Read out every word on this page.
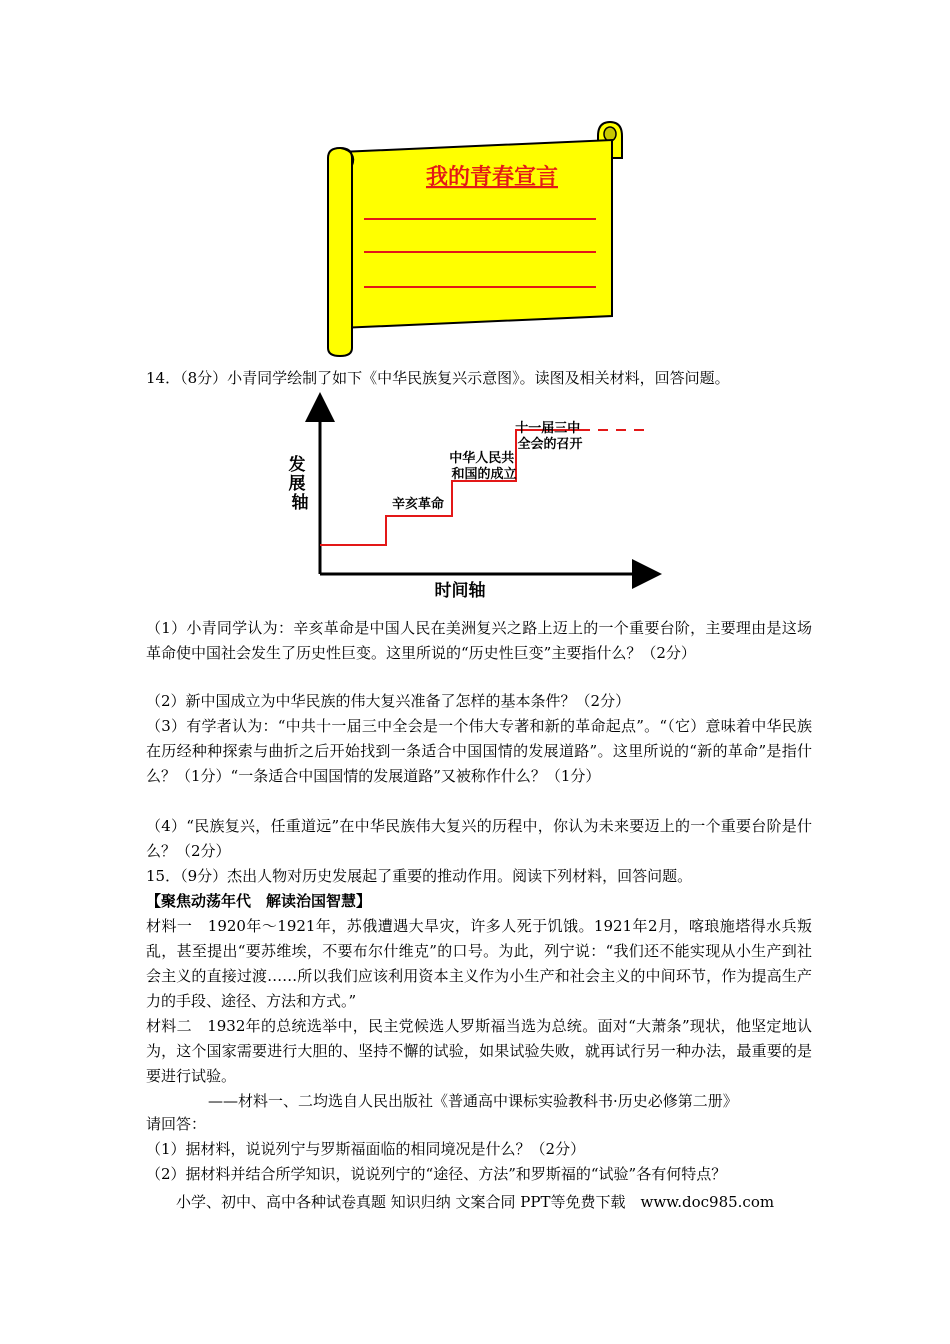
我的青春宣言
14．（8分）小青同学绘制了如下《中华民族复兴示意图》。读图及相关材料，回答问题。
发 展 轴
时间轴
辛亥革命
中华人民共 和国的成立
十一届三中 全会的召开
（1）小青同学认为：辛亥革命是中国人民在美洲复兴之路上迈上的一个重要台阶，主要理由是这场革命使中国社会发生了历史性巨变。这里所说的“历史性巨变”主要指什么？（2分）
（2）新中国成立为中华民族的伟大复兴准备了怎样的基本条件？（2分）
（3）有学者认为：“中共十一届三中全会是一个伟大专著和新的革命起点”。“（它）意味着中华民族在历经种种探索与曲折之后开始找到一条适合中国国情的发展道路”。这里所说的“新的革命”是指什么？（1分）“一条适合中国国情的发展道路”又被称作什么？（1分）
（4）“民族复兴，任重道远”在中华民族伟大复兴的历程中，你认为未来要迈上的一个重要台阶是什么？（2分）
15．（9分）杰出人物对历史发展起了重要的推动作用。阅读下列材料，回答问题。
【聚焦动荡年代　解读治国智慧】
材料一　1920年～1921年，苏俄遭遇大旱灾，许多人死于饥饿。1921年2月，喀琅施塔得水兵叛乱，甚至提出“要苏维埃，不要布尔什维克”的口号。为此，列宁说：“我们还不能实现从小生产到社会主义的直接过渡……所以我们应该利用资本主义作为小生产和社会主义的中间环节，作为提高生产力的手段、途径、方法和方式。”
材料二　1932年的总统选举中，民主党候选人罗斯福当选为总统。面对“大萧条”现状，他坚定地认为，这个国家需要进行大胆的、坚持不懈的试验，如果试验失败，就再试行另一种办法，最重要的是要进行试验。
——材料一、二均选自人民出版社《普通高中课标实验教科书·历史必修第二册》
请回答：
（1）据材料，说说列宁与罗斯福面临的相同境况是什么？（2分）
（2）据材料并结合所学知识，说说列宁的“途径、方法”和罗斯福的“试验”各有何特点？
小学、初中、高中各种试卷真题 知识归纳 文案合同 PPT等免费下载　www.doc985.com
